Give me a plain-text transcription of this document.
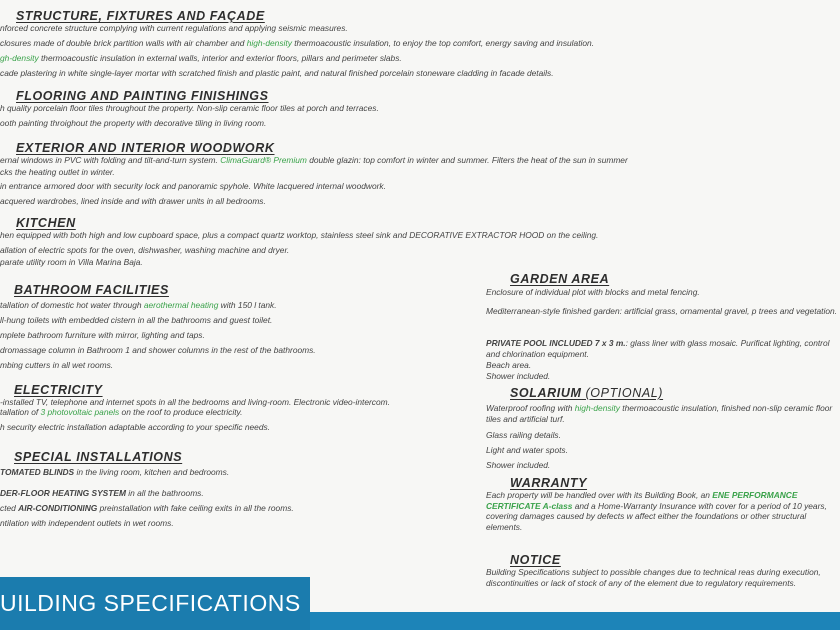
STRUCTURE, FIXTURES AND FAÇADE
nforced concrete structure complying with current regulations and applying seismic measures.
closures made of double brick partition walls with air chamber and high-density thermoacoustic insulation, to enjoy the top comfort, energy saving and insulation.
gh-density thermoacoustic insulation in external walls, interior and exterior floors, pillars and perimeter slabs.
cade plastering in white single-layer mortar with scratched finish and plastic paint, and natural finished porcelain stoneware cladding in facade details.
FLOORING AND PAINTING FINISHINGS
h quality porcelain floor tiles throughout the property. Non-slip ceramic floor tiles at porch and terraces.
ooth painting throighout the property with decorative tiling in living room.
EXTERIOR AND INTERIOR WOODWORK
ernal windows in PVC with folding and tilt-and-turn system. ClimaGuard® Premium double glazin: top comfort in winter and summer. Filters the heat of the sun in summer
cks the heating outlet in winter.
in entrance armored door with security lock and panoramic spyhole. White lacquered internal woodwork.
acquered wardrobes, lined inside and with drawer units in all bedrooms.
KITCHEN
hen equipped with both high and low cupboard space, plus a compact quartz worktop, stainless steel sink and DECORATIVE EXTRACTOR HOOD on the ceiling.
allation of electric spots for the oven, dishwasher, washing machine and dryer.
parate utility room in Villa Marina Baja.
BATHROOM FACILITIES
tallation of domestic hot water through aerothermal heating with 150 l tank.
ll-hung toilets with embedded cistern in all the bathrooms and guest toilet.
mplete bathroom furniture with mirror, lighting and taps.
dromassage column in Bathroom 1 and shower columns in the rest of the bathrooms.
mbing cutters in all wet rooms.
ELECTRICITY
-installed TV, telephone and internet spots in all the bedrooms and living-room. Electronic video-intercom.
tallation of 3 photovoltaic panels on the roof to produce electricity.
h security electric installation adaptable according to your specific needs.
SPECIAL INSTALLATIONS
TOMATED BLINDS in the living room, kitchen and bedrooms.
DER-FLOOR HEATING SYSTEM in all the bathrooms.
cted AIR-CONDITIONING preinstallation with fake ceiling exits in all the rooms.
ntilation with independent outlets in wet rooms.
GARDEN AREA
Enclosure of individual plot with blocks and metal fencing.
Mediterranean-style finished garden: artificial grass, ornamental gravel, p trees and vegetation.
PRIVATE POOL INCLUDED 7 x 3 m.: glass liner with glass mosaic. Purificat lighting, control and chlorination equipment.
Beach area.
Shower included.
SOLARIUM (OPTIONAL)
Waterproof roofing with high-density thermoacoustic insulation, finished non-slip ceramic floor tiles and artificial turf.
Glass railing details.
Light and water spots.
Shower included.
WARRANTY
Each property will be handled over with its Building Book, an ENE PERFORMANCE CERTIFICATE A-class and a Home-Warranty Insurance with cover for a period of 10 years, covering damages caused by defects w affect either the foundations or other structural elements.
NOTICE
Building Specifications subject to possible changes due to technical reas during execution, discontinuities or lack of stock of any of the element due to regulatory requirements.
UILDING SPECIFICATIONS
